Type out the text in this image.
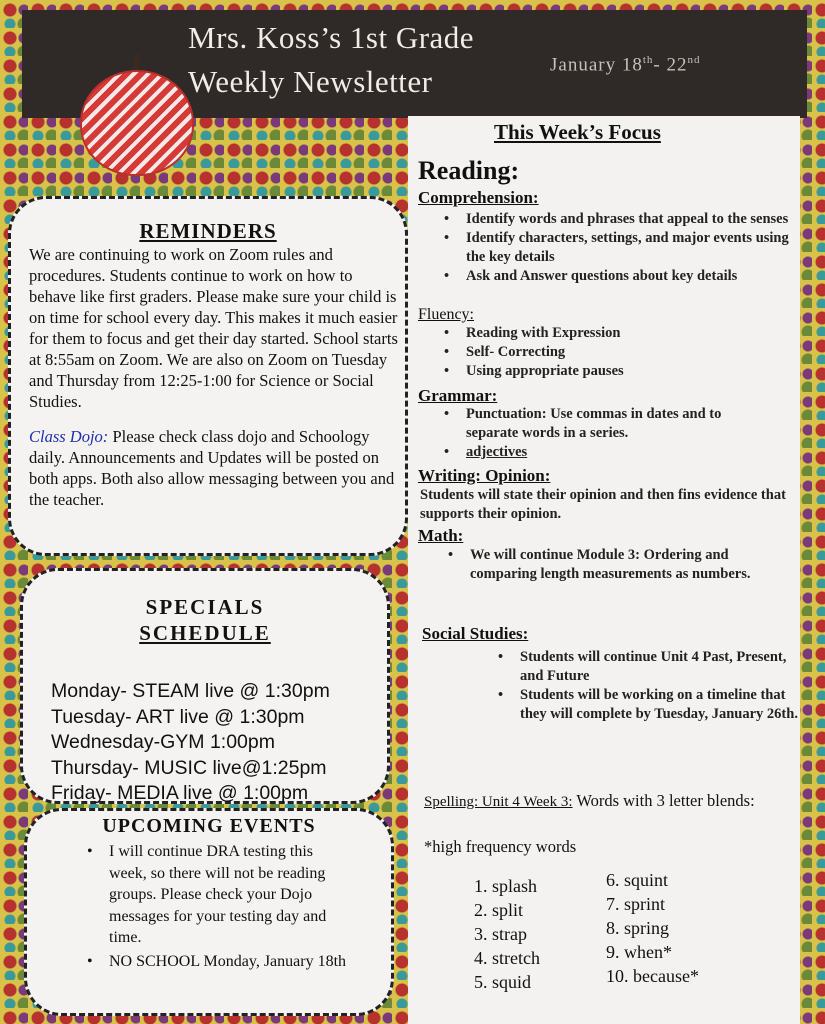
Mrs. Koss’s 1st Grade
Weekly Newsletter	January 18th- 22nd
REMINDERS
We are continuing to work on Zoom rules and procedures. Students continue to work on how to behave like first graders. Please make sure your child is on time for school every day. This makes it much easier for them to focus and get their day started. School starts at 8:55am on Zoom. We are also on Zoom on Tuesday and Thursday from 12:25-1:00 for Science or Social Studies.
Class Dojo: Please check class dojo and Schoology daily. Announcements and Updates will be posted on both apps. Both also allow messaging between you and the teacher.
SPECIALS
SCHEDULE
Monday- STEAM live @ 1:30pm
Tuesday- ART live @ 1:30pm
Wednesday-GYM 1:00pm
Thursday- MUSIC live@1:25pm
Friday- MEDIA live @ 1:00pm
UPCOMING EVENTS
• I will continue DRA testing this week, so there will not be reading groups. Please check your Dojo messages for your testing day and time.
• NO SCHOOL Monday, January 18th
This Week’s Focus
Reading:
Comprehension:
• Identify words and phrases that appeal to the senses
• Identify characters, settings, and major events using the key details
• Ask and Answer questions about key details
Fluency:
• Reading with Expression
• Self- Correcting
• Using appropriate pauses
Grammar:
• Punctuation: Use commas in dates and to separate words in a series.
• adjectives
Writing: Opinion:
Students will state their opinion and then fins evidence that supports their opinion.
Math:
• We will continue Module 3: Ordering and comparing length measurements as numbers.
Social Studies:
• Students will continue Unit 4 Past, Present, and Future
• Students will be working on a timeline that they will complete by Tuesday, January 26th.
Spelling: Unit 4 Week 3: Words with 3 letter blends:
*high frequency words
1. splash
2. split
3. strap
4. stretch
5. squid
6. squint
7. sprint
8. spring
9. when*
10. because*
